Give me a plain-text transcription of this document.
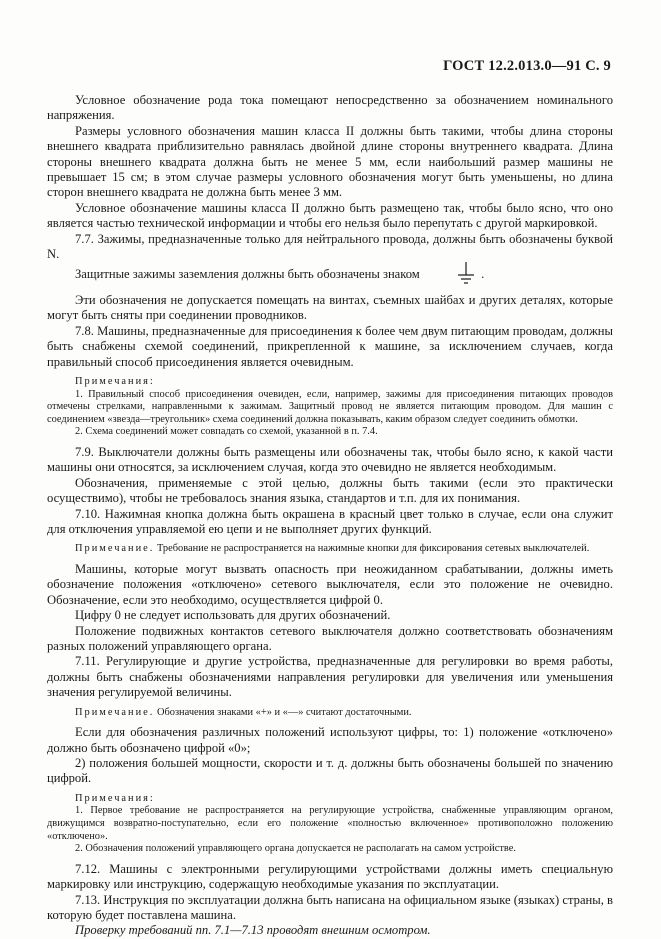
ГОСТ 12.2.013.0—91 С. 9

Условное обозначение рода тока помещают непосредственно за обозначением номинального напряжения.

Размеры условного обозначения машин класса II должны быть такими, чтобы длина стороны внешнего квадрата приблизительно равнялась двойной длине стороны внутреннего квадрата. Длина стороны внешнего квадрата должна быть не менее 5 мм, если наибольший размер машины не превышает 15 см; в этом случае размеры условного обозначения могут быть уменьшены, но длина сторон внешнего квадрата не должна быть менее 3 мм.

Условное обозначение машины класса II должно быть размещено так, чтобы было ясно, что оно является частью технической информации и чтобы его нельзя было перепутать с другой маркировкой.

7.7. Зажимы, предназначенные только для нейтрального провода, должны быть обозначены буквой N.

Защитные зажимы заземления должны быть обозначены знаком	.

Эти обозначения не допускается помещать на винтах, съемных шайбах и других деталях, которые могут быть сняты при соединении проводников.

7.8. Машины, предназначенные для присоединения к более чем двум питающим проводам, должны быть снабжены схемой соединений, прикрепленной к машине, за исключением случаев, когда правильный способ присоединения является очевидным.

Примечания:

1. Правильный способ присоединения очевиден, если, например, зажимы для присоединения питающих проводов отмечены стрелками, направленными к зажимам. Защитный провод не является питающим проводом. Для машин с соединением «звезда—треугольник» схема соединений должна показывать, каким образом следует соединить обмотки.

2. Схема соединений может совпадать со схемой, указанной в п. 7.4.

7.9. Выключатели должны быть размещены или обозначены так, чтобы было ясно, к какой части машины они относятся, за исключением случая, когда это очевидно не является необходимым.

Обозначения, применяемые с этой целью, должны быть такими (если это практически осуществимо), чтобы не требовалось знания языка, стандартов и т.п. для их понимания.

7.10. Нажимная кнопка должна быть окрашена в красный цвет только в случае, если она служит для отключения управляемой ею цепи и не выполняет других функций.

Примечание. Требование не распространяется на нажимные кнопки для фиксирования сетевых выключателей.

Машины, которые могут вызвать опасность при неожиданном срабатывании, должны иметь обозначение положения «отключено» сетевого выключателя, если это положение не очевидно. Обозначение, если это необходимо, осуществляется цифрой 0.

Цифру 0 не следует использовать для других обозначений.

Положение подвижных контактов сетевого выключателя должно соответствовать обозначениям разных положений управляющего органа.

7.11. Регулирующие и другие устройства, предназначенные для регулировки во время работы, должны быть снабжены обозначениями направления регулировки для увеличения или уменьшения значения регулируемой величины.

Примечание. Обозначения знаками «+» и «—» считают достаточными.

Если для обозначения различных положений используют цифры, то: 1) положение «отключено» должно быть обозначено цифрой «0»;

2) положения большей мощности, скорости и т. д. должны быть обозначены большей по значению цифрой.

Примечания:

1. Первое требование не распространяется на регулирующие устройства, снабженные управляющим органом, движущимся возвратно-поступательно, если его положение «полностью включенное» противоположно положению «отключено».

2. Обозначения положений управляющего органа допускается не располагать на самом устройстве.

7.12. Машины с электронными регулирующими устройствами должны иметь специальную маркировку или инструкцию, содержащую необходимые указания по эксплуатации.

7.13. Инструкция по эксплуатации должна быть написана на официальном языке (языках) страны, в которую будет поставлена машина.

Проверку требований пп. 7.1—7.13 проводят внешним осмотром.
